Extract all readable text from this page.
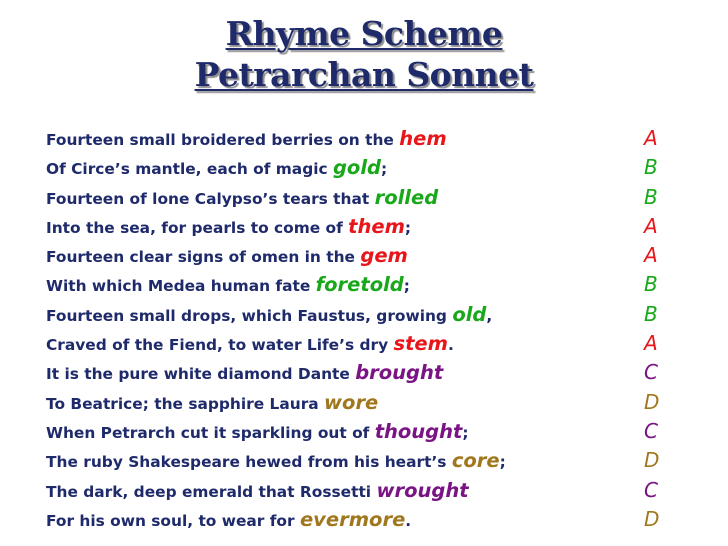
Rhyme Scheme
Petrarchan Sonnet
Fourteen small broidered berries on the hem
Of Circe’s mantle, each of magic gold;
Fourteen of lone Calypso’s tears that rolled
Into the sea, for pearls to come of them;
Fourteen clear signs of omen in the gem
With which Medea human fate foretold;
Fourteen small drops, which Faustus, growing old,
Craved of the Fiend, to water Life’s dry stem.
It is the pure white diamond Dante brought
To Beatrice; the sapphire Laura wore
When Petrarch cut it sparkling out of thought;
The ruby Shakespeare hewed from his heart’s core;
The dark, deep emerald that Rossetti wrought
For his own soul, to wear for evermore.
A
B
B
A
A
B
B
A
C
D
C
D
C
D
